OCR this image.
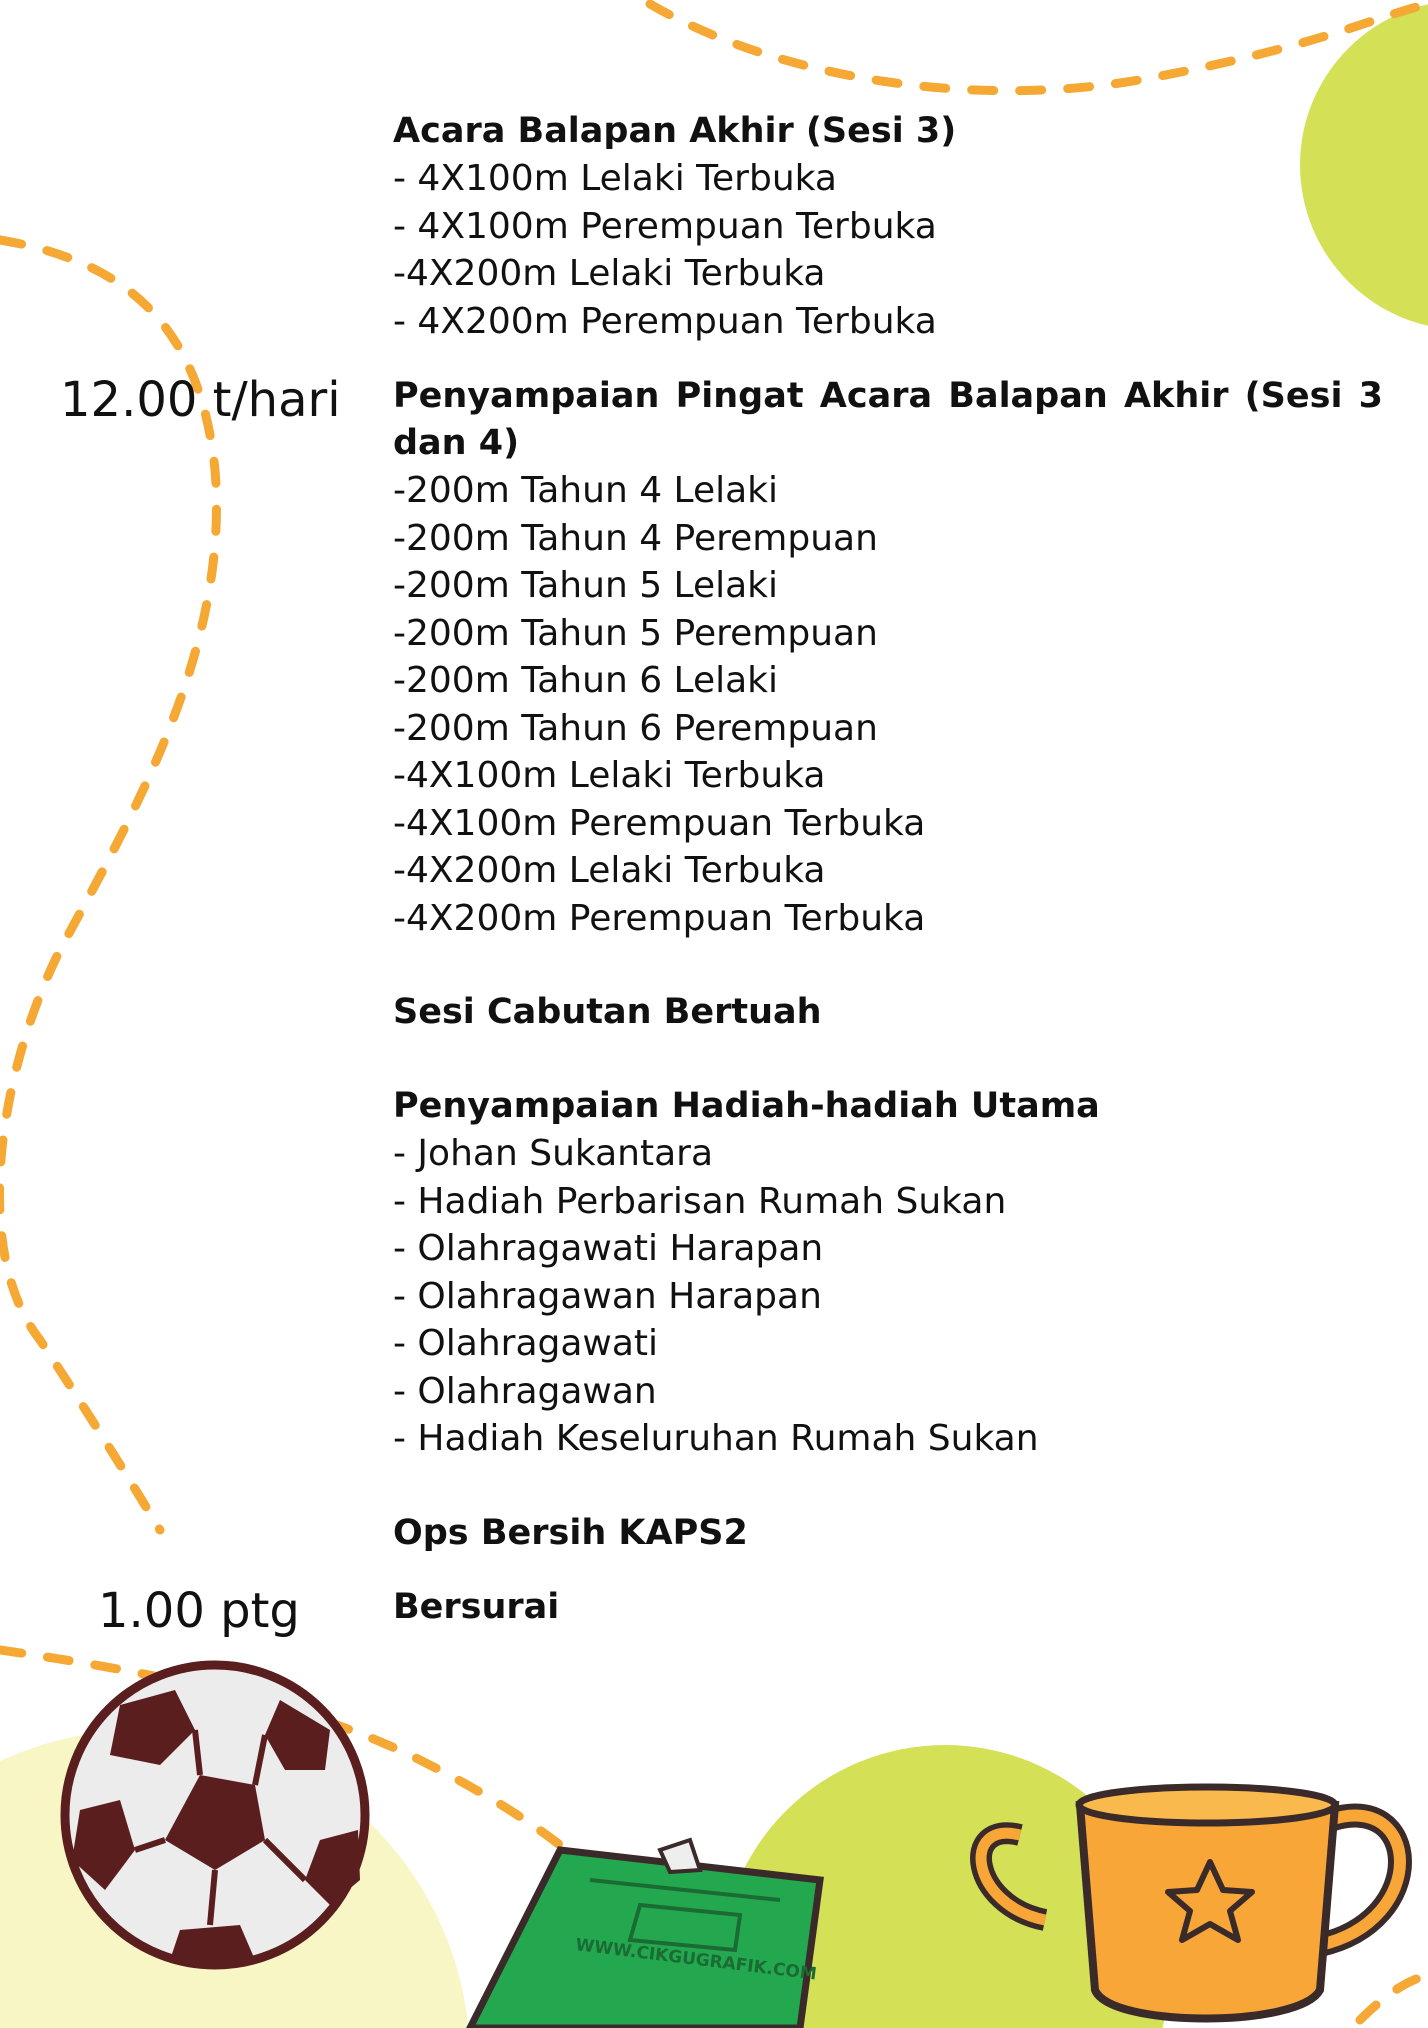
WWW.CIKGUGRAFIK.COM
Acara Balapan Akhir (Sesi 3)
- 4X100m Lelaki Terbuka
- 4X100m Perempuan Terbuka
-4X200m Lelaki Terbuka
- 4X200m Perempuan Terbuka
12.00 t/hari Penyampaian Pingat Acara Balapan Akhir (Sesi 3 dan 4)
-200m Tahun 4 Lelaki
-200m Tahun 4 Perempuan
-200m Tahun 5 Lelaki
-200m Tahun 5 Perempuan
-200m Tahun 6 Lelaki
-200m Tahun 6 Perempuan
-4X100m Lelaki Terbuka
-4X100m Perempuan Terbuka
-4X200m Lelaki Terbuka
-4X200m Perempuan Terbuka
Sesi Cabutan Bertuah
Penyampaian Hadiah-hadiah Utama
- Johan Sukantara
- Hadiah Perbarisan Rumah Sukan
- Olahragawati Harapan
- Olahragawan Harapan
- Olahragawati
- Olahragawan
- Hadiah Keseluruhan Rumah Sukan
Ops Bersih KAPS2
1.00 ptg	Bersurai
